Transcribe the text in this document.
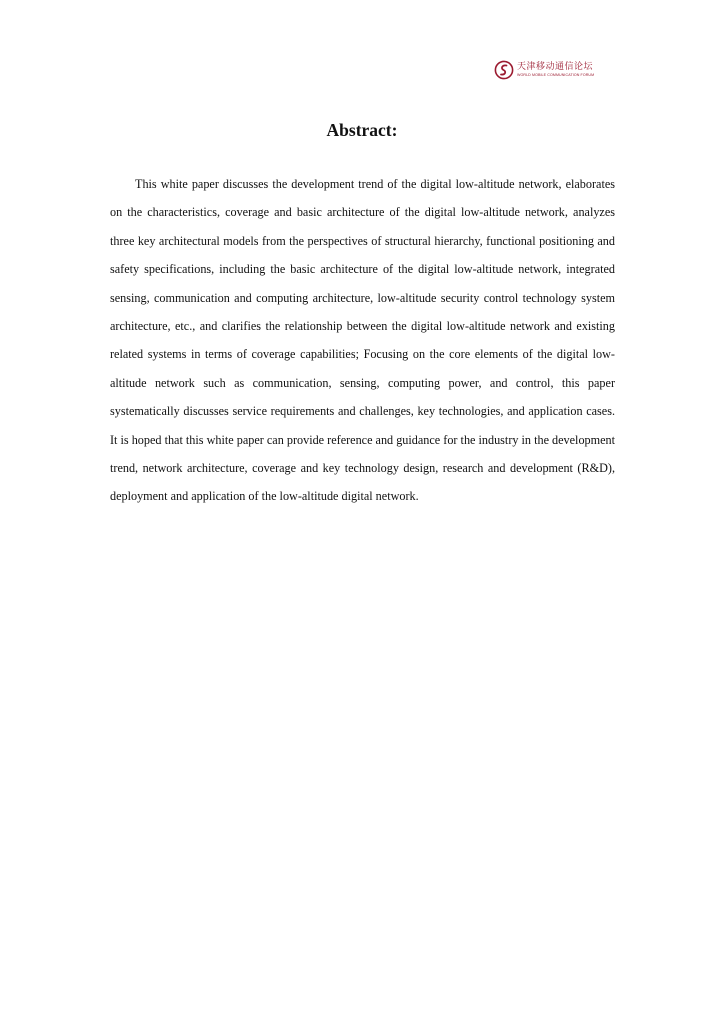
天津移动通信论坛
WORLD MOBILE COMMUNICATION FORUM
Abstract:

This white paper discusses the development trend of the digital low-altitude network, elaborates on the characteristics, coverage and basic architecture of the digital low-altitude network, analyzes three key architectural models from the perspectives of structural hierarchy, functional positioning and safety specifications, including the basic architecture of the digital low-altitude network, integrated sensing, communication and computing architecture, low-altitude security control technology system architecture, etc., and clarifies the relationship between the digital low-altitude network and existing related systems in terms of coverage capabilities; Focusing on the core elements of the digital low-altitude network such as communication, sensing, computing power, and control, this paper systematically discusses service requirements and challenges, key technologies, and application cases. It is hoped that this white paper can provide reference and guidance for the industry in the development trend, network architecture, coverage and key technology design, research and development (R&D), deployment and application of the low-altitude digital network.
